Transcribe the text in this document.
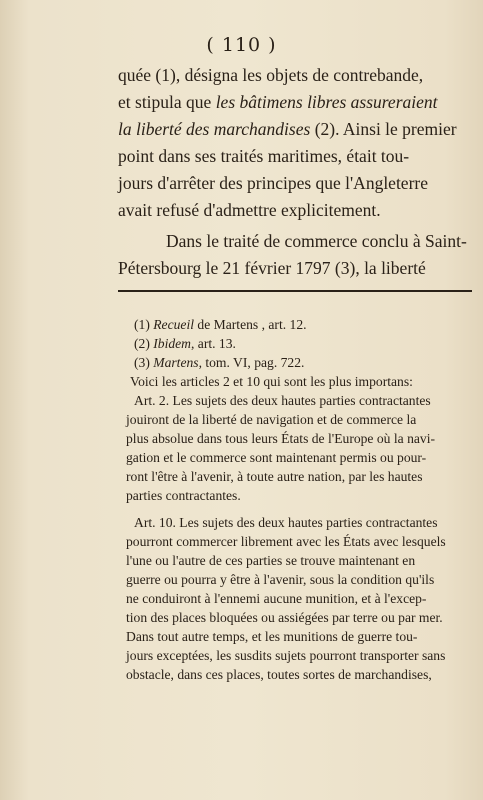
( 110 )

quée (1), désigna les objets de contrebande,
et stipula que les bâtimens libres assureraient
la liberté des marchandises (2). Ainsi le premier
point dans ses traités maritimes, était tou-
jours d'arrêter des principes que l'Angleterre
avait refusé d'admettre explicitement.

Dans le traité de commerce conclu à Saint-
Pétersbourg le 21 février 1797 (3), la liberté

(1) Recueil de Martens , art. 12.
(2) Ibidem, art. 13.
(3) Martens, tom. VI, pag. 722.
Voici les articles 2 et 10 qui sont les plus importans:
Art. 2. Les sujets des deux hautes parties contractantes
jouiront de la liberté de navigation et de commerce la
plus absolue dans tous leurs États de l'Europe où la navi-
gation et le commerce sont maintenant permis ou pour-
ront l'être à l'avenir, à toute autre nation, par les hautes
parties contractantes.
Art. 10. Les sujets des deux hautes parties contractantes
pourront commercer librement avec les États avec lesquels
l'une ou l'autre de ces parties se trouve maintenant en
guerre ou pourra y être à l'avenir, sous la condition qu'ils
ne conduiront à l'ennemi aucune munition, et à l'excep-
tion des places bloquées ou assiégées par terre ou par mer.
Dans tout autre temps, et les munitions de guerre tou-
jours exceptées, les susdits sujets pourront transporter sans
obstacle, dans ces places, toutes sortes de marchandises,
